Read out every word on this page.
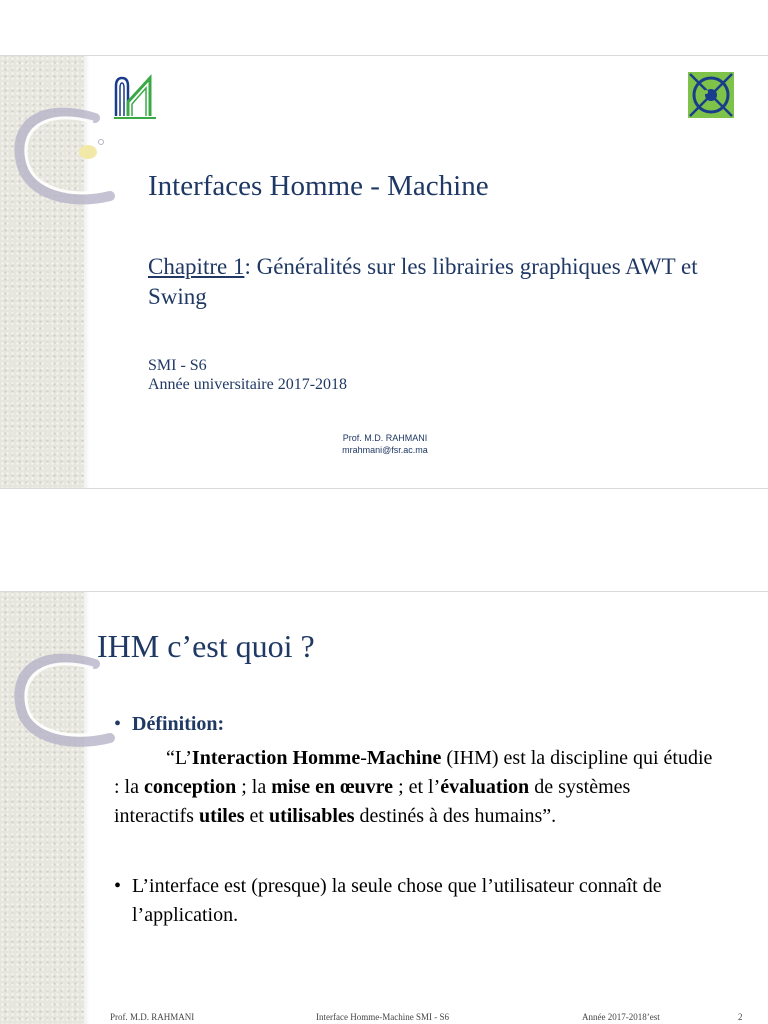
Interfaces Homme - Machine

Chapitre 1: Généralités sur les librairies graphiques AWT et Swing

SMI - S6
Année universitaire 2017-2018
Prof. M.D. RAHMANI
mrahmani@fsr.ac.ma
IHM c’est quoi ?
• Définition:
“L’Interaction Homme-Machine (IHM) est la discipline qui étudie : la conception ; la mise en œuvre ; et l’évaluation de systèmes interactifs utiles et utilisables destinés à des humains”.
• L’interface est (presque) la seule chose que l’utilisateur connaît de l’application.
Prof. M.D. RAHMANI	Interface Homme-Machine SMI - S6	Année 2017-2018’est	2
